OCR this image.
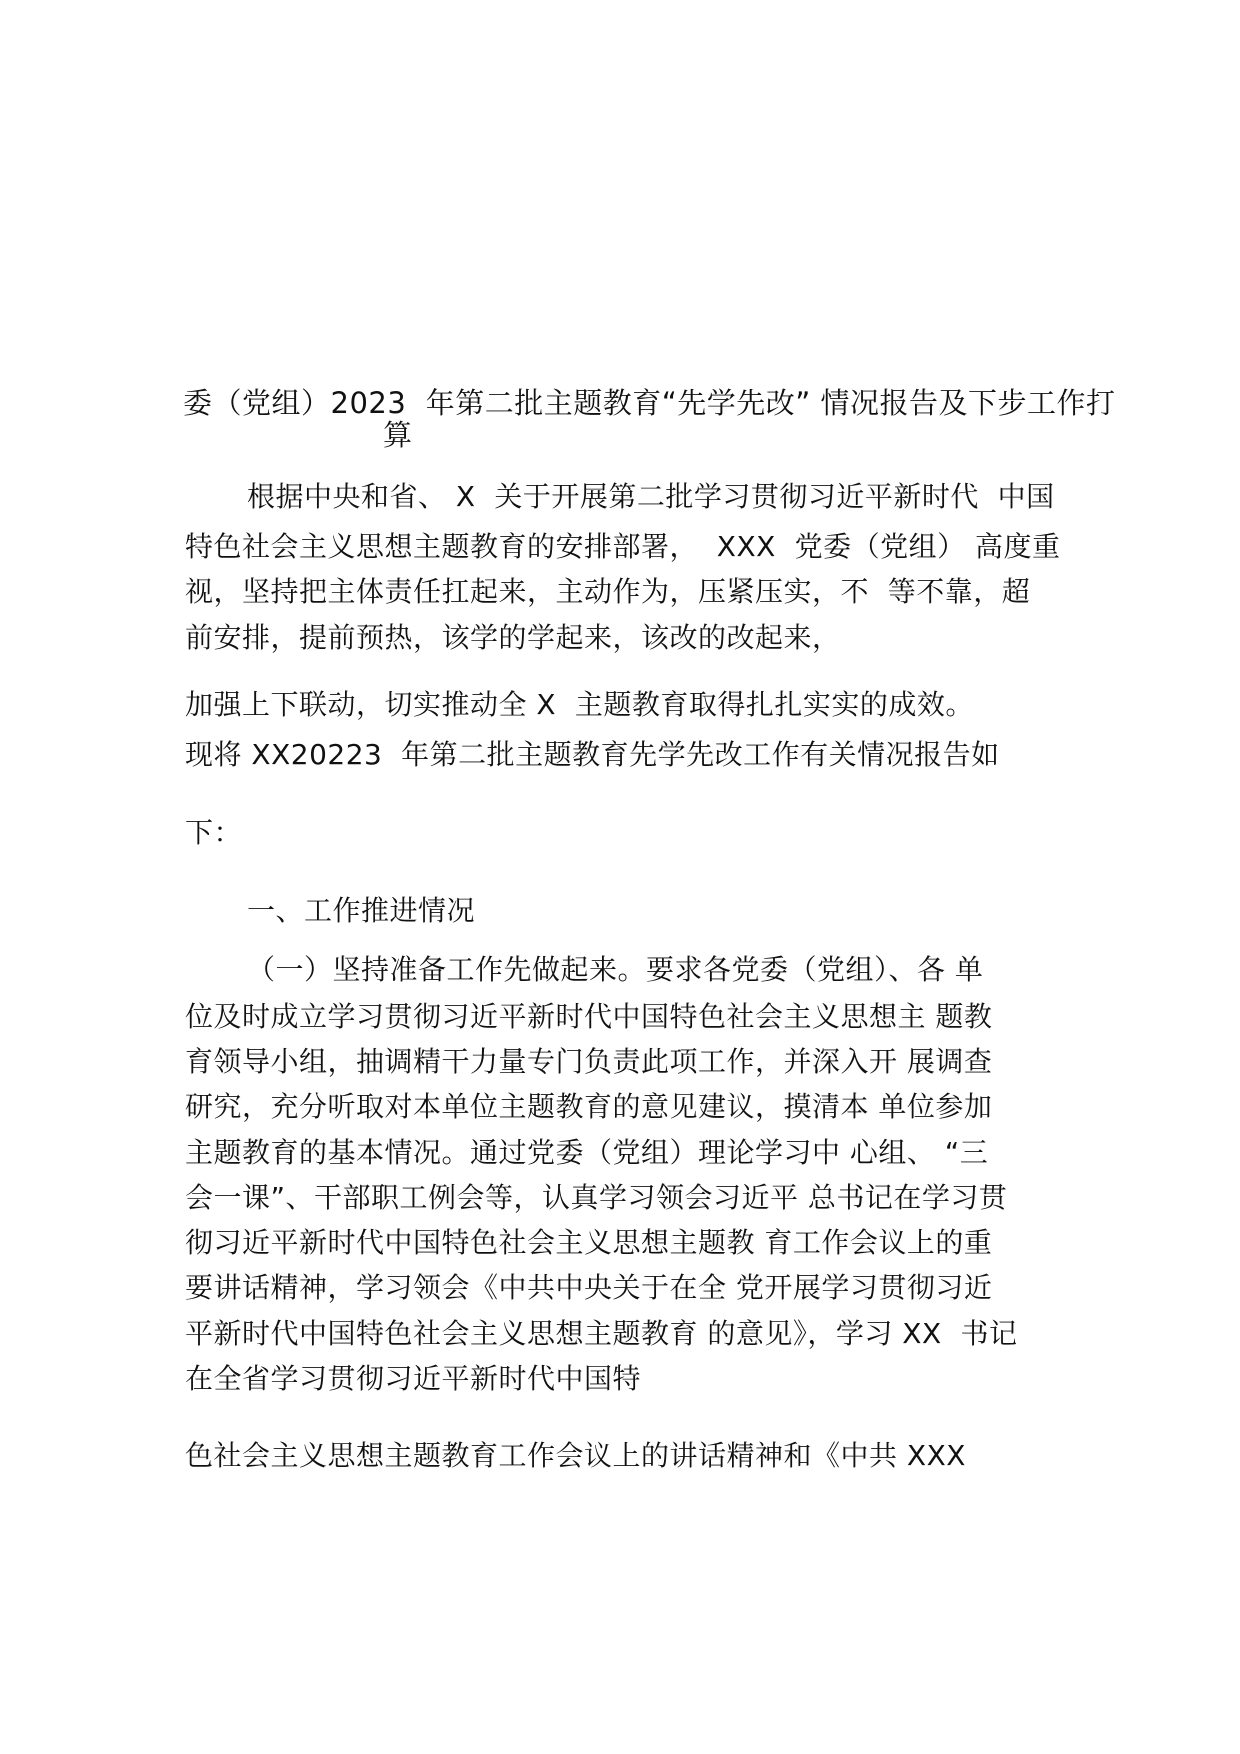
委（党组）2023  年第二批主题教育“先学先改” 情况报告及下步工作打
算
根据中央和省、 X  关于开展第二批学习贯彻习近平新时代  中国
特色社会主义思想主题教育的安排部署，  XXX  党委（党组） 高度重
视，坚持把主体责任扛起来，主动作为，压紧压实，不  等不靠，超
前安排，提前预热，该学的学起来，该改的改起来，
加强上下联动，切实推动全 X  主题教育取得扎扎实实的成效。
现将 XX20223  年第二批主题教育先学先改工作有关情况报告如
下：
一、工作推进情况
（一）坚持准备工作先做起来。要求各党委（党组）、各 单
位及时成立学习贯彻习近平新时代中国特色社会主义思想主 题教
育领导小组，抽调精干力量专门负责此项工作，并深入开 展调查
研究，充分听取对本单位主题教育的意见建议，摸清本 单位参加
主题教育的基本情况。通过党委（党组）理论学习中 心组、 “三
会一课”、干部职工例会等，认真学习领会习近平 总书记在学习贯
彻习近平新时代中国特色社会主义思想主题教 育工作会议上的重
要讲话精神，学习领会《中共中央关于在全 党开展学习贯彻习近
平新时代中国特色社会主义思想主题教育 的意见》，学习 XX  书记
在全省学习贯彻习近平新时代中国特
色社会主义思想主题教育工作会议上的讲话精神和《中共 XXX
